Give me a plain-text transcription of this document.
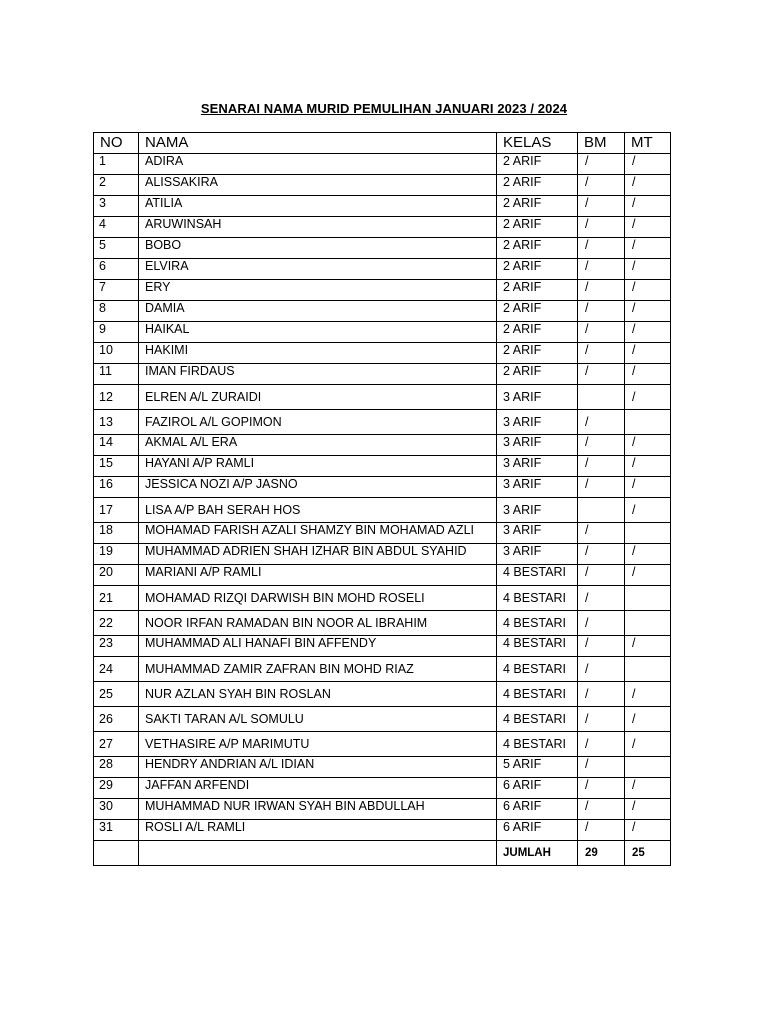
SENARAI NAMA MURID PEMULIHAN JANUARI 2023 / 2024
NO	NAMA	KELAS	BM	MT
1	ADIRA	2 ARIF	/	/
2	ALISSAKIRA	2 ARIF	/	/
3	ATILIA	2 ARIF	/	/
4	ARUWINSAH	2 ARIF	/	/
5	BOBO	2 ARIF	/	/
6	ELVIRA	2 ARIF	/	/
7	ERY	2 ARIF	/	/
8	DAMIA	2 ARIF	/	/
9	HAIKAL	2 ARIF	/	/
10	HAKIMI	2 ARIF	/	/
11	IMAN FIRDAUS	2 ARIF	/	/
12	ELREN A/L ZURAIDI	3 ARIF		/
13	FAZIROL A/L GOPIMON	3 ARIF	/	
14	AKMAL A/L ERA	3 ARIF	/	/
15	HAYANI A/P RAMLI	3 ARIF	/	/
16	JESSICA NOZI A/P JASNO	3 ARIF	/	/
17	LISA A/P BAH SERAH HOS	3 ARIF		/
18	MOHAMAD FARISH AZALI SHAMZY BIN MOHAMAD AZLI	3 ARIF	/	
19	MUHAMMAD ADRIEN SHAH IZHAR BIN ABDUL SYAHID	3 ARIF	/	/
20	MARIANI A/P RAMLI	4 BESTARI	/	/
21	MOHAMAD RIZQI DARWISH BIN MOHD ROSELI	4 BESTARI	/	
22	NOOR IRFAN RAMADAN BIN NOOR AL IBRAHIM	4 BESTARI	/	
23	MUHAMMAD ALI HANAFI BIN AFFENDY	4 BESTARI	/	/
24	MUHAMMAD ZAMIR ZAFRAN BIN MOHD RIAZ	4 BESTARI	/	
25	NUR AZLAN SYAH BIN ROSLAN	4 BESTARI	/	/
26	SAKTI TARAN A/L SOMULU	4 BESTARI	/	/
27	VETHASIRE A/P MARIMUTU	4 BESTARI	/	/
28	HENDRY ANDRIAN A/L IDIAN	5 ARIF	/	
29	JAFFAN ARFENDI	6 ARIF	/	/
30	MUHAMMAD NUR IRWAN SYAH BIN ABDULLAH	6 ARIF	/	/
31	ROSLI A/L RAMLI	6 ARIF	/	/
		JUMLAH	29	25
